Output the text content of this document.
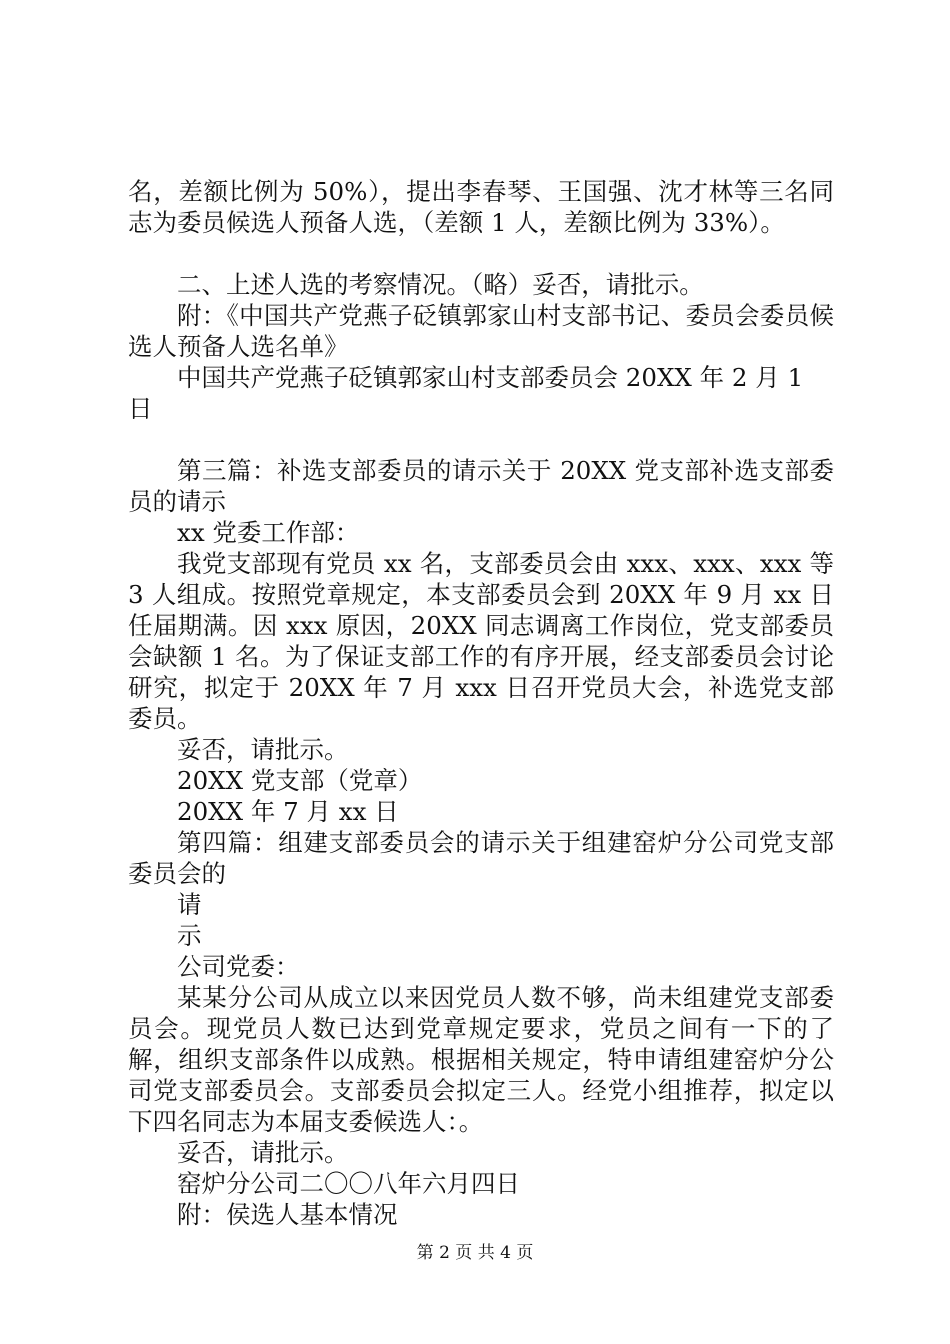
名，差额比例为 50%），提出李春琴、王国强、沈才林等三名同志为委员候选人预备人选，（差额 1 人，差额比例为 33%）。

二、上述人选的考察情况。（略）妥否，请批示。

附：《中国共产党燕子砭镇郭家山村支部书记、委员会委员候选人预备人选名单》

中国共产党燕子砭镇郭家山村支部委员会 20XX 年 2 月 1 日

第三篇：补选支部委员的请示关于 20XX 党支部补选支部委员的请示

xx 党委工作部：

我党支部现有党员 xx 名，支部委员会由 xxx、xxx、xxx 等 3 人组成。按照党章规定，本支部委员会到 20XX 年 9 月 xx 日任届期满。因 xxx 原因，20XX 同志调离工作岗位，党支部委员会缺额 1 名。为了保证支部工作的有序开展，经支部委员会讨论研究，拟定于 20XX 年 7 月 xxx 日召开党员大会，补选党支部委员。

妥否，请批示。

20XX 党支部（党章）

20XX 年 7 月 xx 日

第四篇：组建支部委员会的请示关于组建窑炉分公司党支部委员会的

请

示

公司党委：

某某分公司从成立以来因党员人数不够，尚未组建党支部委员会。现党员人数已达到党章规定要求，党员之间有一下的了解，组织支部条件以成熟。根据相关规定，特申请组建窑炉分公司党支部委员会。支部委员会拟定三人。经党小组推荐，拟定以下四名同志为本届支委候选人：。

妥否，请批示。

窑炉分公司二〇〇八年六月四日

附：侯选人基本情况

第 2 页 共 4 页
